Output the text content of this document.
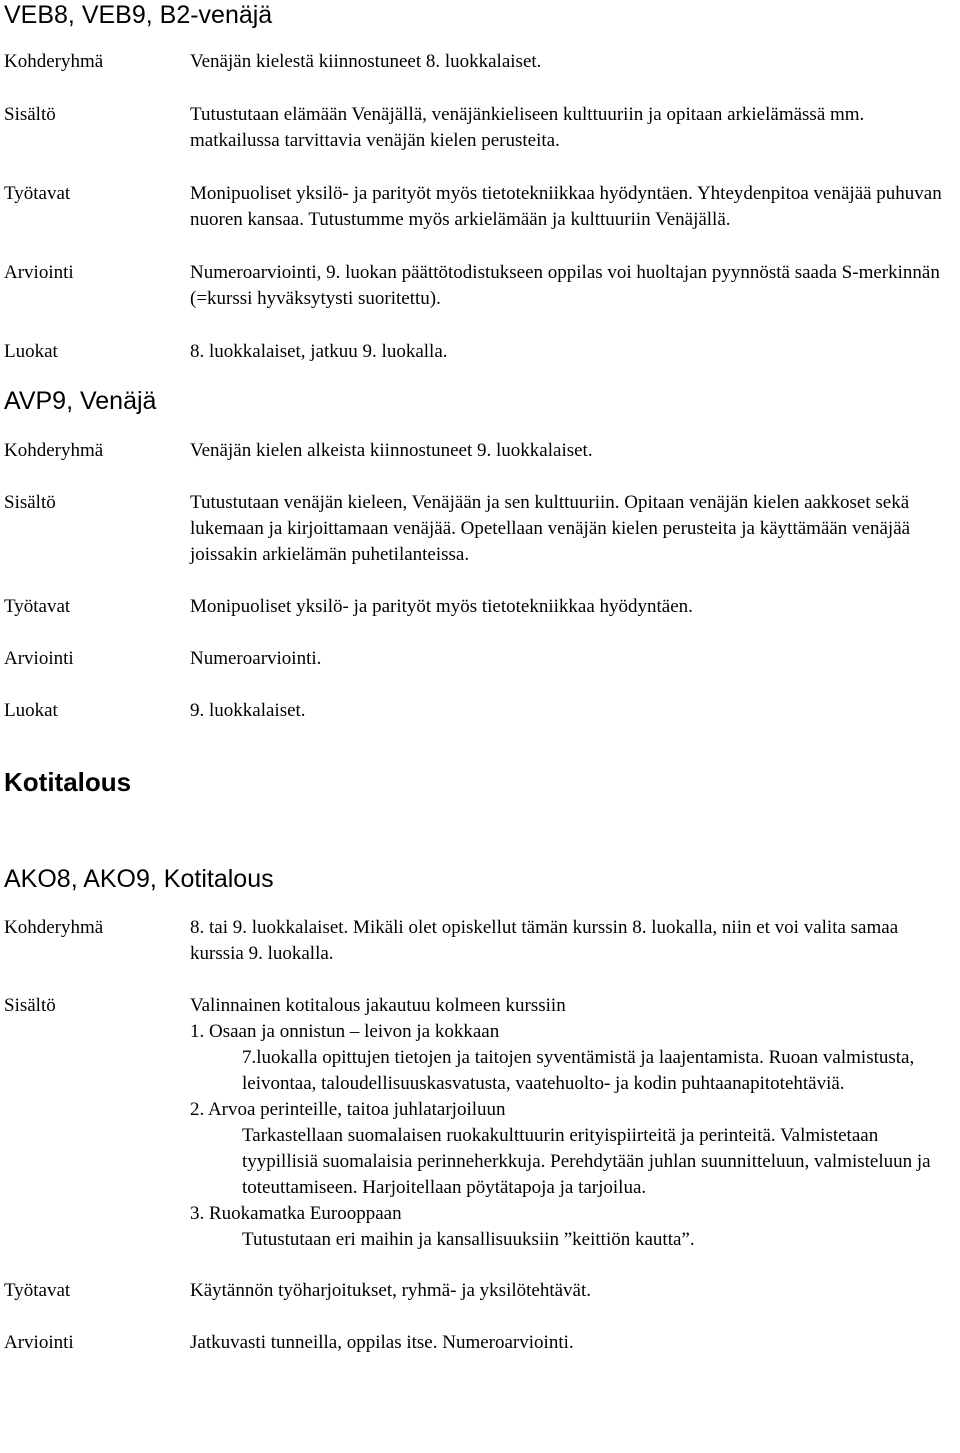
VEB8, VEB9, B2-venäjä
Kohderyhmä	Venäjän kielestä kiinnostuneet 8. luokkalaiset.
Sisältö	Tutustutaan elämään Venäjällä, venäjänkieliseen kulttuuriin ja opitaan arkielämässä mm. matkailussa tarvittavia venäjän kielen perusteita.
Työtavat	Monipuoliset yksilö- ja parityöt myös tietotekniikkaa hyödyntäen. Yhteydenpitoa venäjää puhuvan nuoren kansaa. Tutustumme myös arkielämään ja kulttuuriin Venäjällä.
Arviointi	Numeroarviointi, 9. luokan päättötodistukseen oppilas voi huoltajan pyynnöstä saada S-merkinnän (=kurssi hyväksytysti suoritettu).
Luokat	8. luokkalaiset, jatkuu 9. luokalla.
AVP9, Venäjä
Kohderyhmä	Venäjän kielen alkeista kiinnostuneet 9. luokkalaiset.
Sisältö	Tutustutaan venäjän kieleen, Venäjään ja sen kulttuuriin. Opitaan venäjän kielen aakkoset sekä lukemaan ja kirjoittamaan venäjää. Opetellaan venäjän kielen perusteita ja käyttämään venäjää joissakin arkielämän puhetilanteissa.
Työtavat	Monipuoliset yksilö- ja parityöt myös tietotekniikkaa hyödyntäen.
Arviointi	Numeroarviointi.
Luokat	9. luokkalaiset.
Kotitalous
AKO8, AKO9, Kotitalous
Kohderyhmä	8. tai 9. luokkalaiset. Mikäli olet opiskellut tämän kurssin 8. luokalla, niin et voi valita samaa kurssia 9. luokalla.
Sisältö	Valinnainen kotitalous jakautuu kolmeen kurssiin
1. Osaan ja onnistun – leivon ja kokkaan
7.luokalla opittujen tietojen ja taitojen syventämistä ja laajentamista. Ruoan valmistusta, leivontaa, taloudellisuuskasvatusta, vaatehuolto- ja kodin puhtaanapitotehtäviä.
2. Arvoa perinteille, taitoa juhlatarjoiluun
Tarkastellaan suomalaisen ruokakulttuurin erityispiirteitä ja perinteitä. Valmistetaan tyypillisiä suomalaisia perinneherkkuja. Perehdytään juhlan suunnitteluun, valmisteluun ja toteuttamiseen. Harjoitellaan pöytätapoja ja tarjoilua.
3. Ruokamatka Eurooppaan
Tutustutaan eri maihin ja kansallisuuksiin ”keittiön kautta”.
Työtavat	Käytännön työharjoitukset, ryhmä- ja yksilötehtävät.
Arviointi	Jatkuvasti tunneilla, oppilas itse. Numeroarviointi.
